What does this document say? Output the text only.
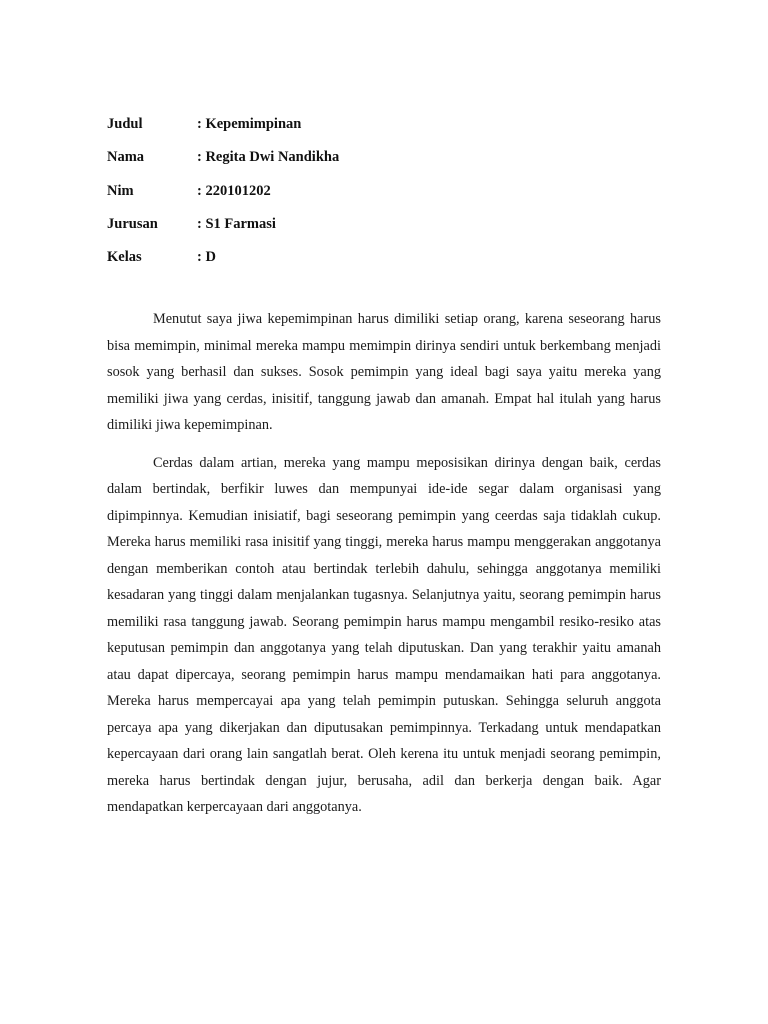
Judul	: Kepemimpinan
Nama	: Regita Dwi Nandikha
Nim	: 220101202
Jurusan	: S1 Farmasi
Kelas	: D

Menutut saya jiwa kepemimpinan harus dimiliki setiap orang, karena seseorang harus bisa memimpin, minimal mereka mampu memimpin dirinya sendiri untuk berkembang menjadi sosok yang berhasil dan sukses. Sosok pemimpin yang ideal bagi saya yaitu mereka yang memiliki jiwa yang cerdas, inisitif, tanggung jawab dan amanah. Empat hal itulah yang harus dimiliki jiwa kepemimpinan.

Cerdas dalam artian, mereka yang mampu meposisikan dirinya dengan baik, cerdas dalam bertindak, berfikir luwes dan mempunyai ide-ide segar dalam organisasi yang dipimpinnya. Kemudian inisiatif, bagi seseorang pemimpin yang ceerdas saja tidaklah cukup. Mereka harus memiliki rasa inisitif yang tinggi, mereka harus mampu menggerakan anggotanya dengan memberikan contoh atau bertindak terlebih dahulu, sehingga anggotanya memiliki kesadaran yang tinggi dalam menjalankan tugasnya. Selanjutnya yaitu, seorang pemimpin harus memiliki rasa tanggung jawab. Seorang pemimpin harus mampu mengambil resiko-resiko atas keputusan pemimpin dan anggotanya yang telah diputuskan. Dan yang terakhir yaitu amanah atau dapat dipercaya, seorang pemimpin harus mampu mendamaikan hati para anggotanya. Mereka harus mempercayai apa yang telah pemimpin putuskan. Sehingga seluruh anggota percaya apa yang dikerjakan dan diputusakan pemimpinnya. Terkadang untuk mendapatkan kepercayaan dari orang lain sangatlah berat. Oleh kerena itu untuk menjadi seorang pemimpin, mereka harus bertindak dengan jujur, berusaha, adil dan berkerja dengan baik. Agar mendapatkan kerpercayaan dari anggotanya.
